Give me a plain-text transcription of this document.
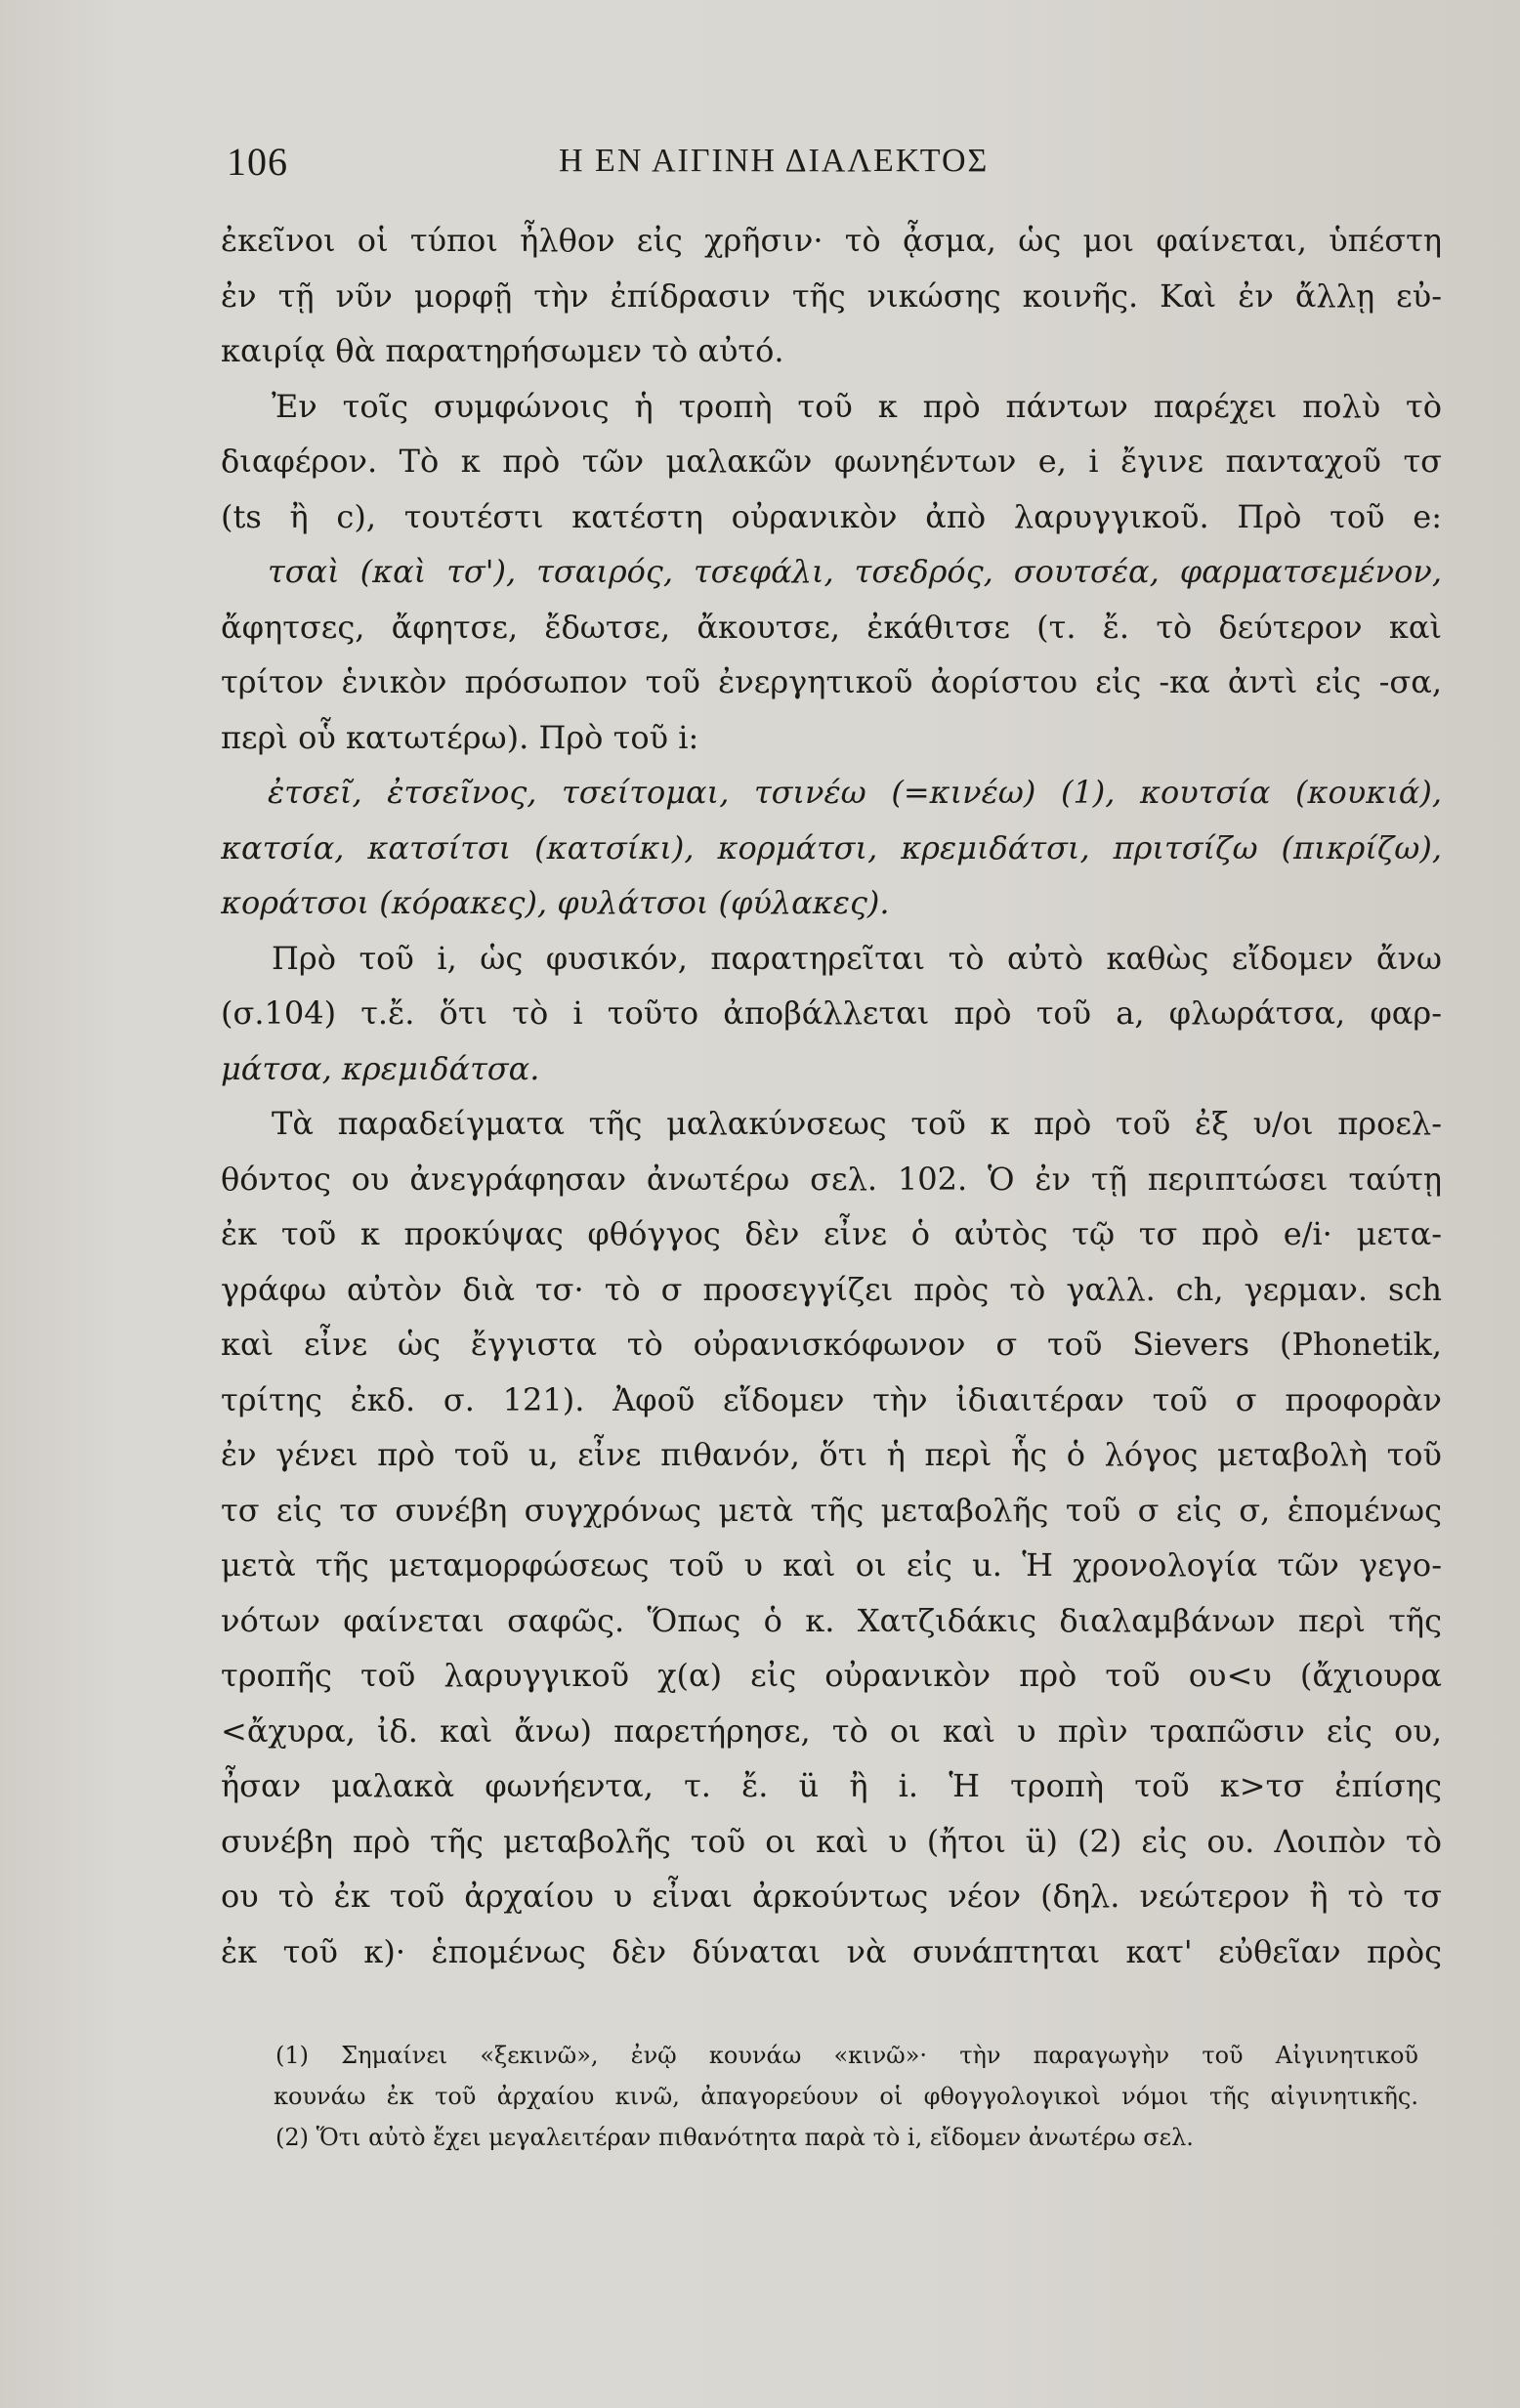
106	Η ΕΝ ΑΙΓΙΝΗ ΔΙΑΛΕΚΤΟΣ
ἐκεῖνοι οἱ τύποι ἦλθον εἰς χρῆσιν· τὸ ᾆσμα, ὡς μοι φαίνεται, ὑπέστη
ἐν τῇ νῦν μορφῇ τὴν ἐπίδρασιν τῆς νικώσης κοινῆς. Καὶ ἐν ἄλλῃ εὐ-
καιρίᾳ θὰ παρατηρήσωμεν τὸ αὐτό.
Ἐν τοῖς συμφώνοις ἡ τροπὴ τοῦ κ πρὸ πάντων παρέχει πολὺ τὸ
διαφέρον. Τὸ κ πρὸ τῶν μαλακῶν φωνηέντων e, i ἔγινε πανταχοῦ τσ
(ts ἢ c), τουτέστι κατέστη οὐρανικὸν ἀπὸ λαρυγγικοῦ. Πρὸ τοῦ e:
τσαὶ (καὶ τσ'), τσαιρός, τσεφάλι, τσεδρός, σουτσέα, φαρματσεμένον,
ἄφητσες, ἄφητσε, ἔδωτσε, ἄκουτσε, ἐκάθιτσε (τ. ἔ. τὸ δεύτερον καὶ
τρίτον ἑνικὸν πρόσωπον τοῦ ἐνεργητικοῦ ἀορίστου εἰς -κα ἀντὶ εἰς -σα,
περὶ οὗ κατωτέρω). Πρὸ τοῦ i:
ἐτσεῖ, ἐτσεῖνος, τσείτομαι, τσινέω (=κινέω) (1), κουτσία (κουκιά),
κατσία, κατσίτσι (κατσίκι), κορμάτσι, κρεμιδάτσι, πριτσίζω (πικρίζω),
κοράτσοι (κόρακες), φυλάτσοι (φύλακες).
Πρὸ τοῦ i, ὡς φυσικόν, παρατηρεῖται τὸ αὐτὸ καθὼς εἴδομεν ἄνω
(σ.104) τ.ἔ. ὅτι τὸ i τοῦτο ἀποβάλλεται πρὸ τοῦ a, φλωράτσα, φαρ-
μάτσα, κρεμιδάτσα.
Τὰ παραδείγματα τῆς μαλακύνσεως τοῦ κ πρὸ τοῦ ἐξ υ/οι προελ-
θόντος ου ἀνεγράφησαν ἀνωτέρω σελ. 102. Ὁ ἐν τῇ περιπτώσει ταύτῃ
ἐκ τοῦ κ προκύψας φθόγγος δὲν εἶνε ὁ αὐτὸς τῷ τσ πρὸ e/i· μετα-
γράφω αὐτὸν διὰ τσ· τὸ σ προσεγγίζει πρὸς τὸ γαλλ. ch, γερμαν. sch
καὶ εἶνε ὡς ἔγγιστα τὸ οὐρανισκόφωνον σ τοῦ Sievers (Phonetik,
τρίτης ἐκδ. σ. 121). Ἀφοῦ εἴδομεν τὴν ἰδιαιτέραν τοῦ σ προφορὰν
ἐν γένει πρὸ τοῦ u, εἶνε πιθανόν, ὅτι ἡ περὶ ἧς ὁ λόγος μεταβολὴ τοῦ
τσ εἰς τσ συνέβη συγχρόνως μετὰ τῆς μεταβολῆς τοῦ σ εἰς σ, ἑπομένως
μετὰ τῆς μεταμορφώσεως τοῦ υ καὶ οι εἰς u. Ἡ χρονολογία τῶν γεγο-
νότων φαίνεται σαφῶς. Ὅπως ὁ κ. Χατζιδάκις διαλαμβάνων περὶ τῆς
τροπῆς τοῦ λαρυγγικοῦ χ(α) εἰς οὐρανικὸν πρὸ τοῦ ου<υ (ἄχιουρα
<ἄχυρα, ἰδ. καὶ ἄνω) παρετήρησε, τὸ οι καὶ υ πρὶν τραπῶσιν εἰς ου,
ἦσαν μαλακὰ φωνήεντα, τ. ἔ. ü ἢ i. Ἡ τροπὴ τοῦ κ>τσ ἐπίσης
συνέβη πρὸ τῆς μεταβολῆς τοῦ οι καὶ υ (ἤτοι ü) (2) εἰς ου. Λοιπὸν τὸ
ου τὸ ἐκ τοῦ ἀρχαίου υ εἶναι ἀρκούντως νέον (δηλ. νεώτερον ἢ τὸ τσ
ἐκ τοῦ κ)· ἑπομένως δὲν δύναται νὰ συνάπτηται κατ' εὐθεῖαν πρὸς
(1) Σημαίνει «ξεκινῶ», ἐνῷ κουνάω «κινῶ»· τὴν παραγωγὴν τοῦ Αἰγινητικοῦ
κουνάω ἐκ τοῦ ἀρχαίου κινῶ, ἀπαγορεύουν οἱ φθογγολογικοὶ νόμοι τῆς αἰγινητικῆς.
(2) Ὅτι αὐτὸ ἔχει μεγαλειτέραν πιθανότητα παρὰ τὸ i, εἴδομεν ἀνωτέρω σελ.
